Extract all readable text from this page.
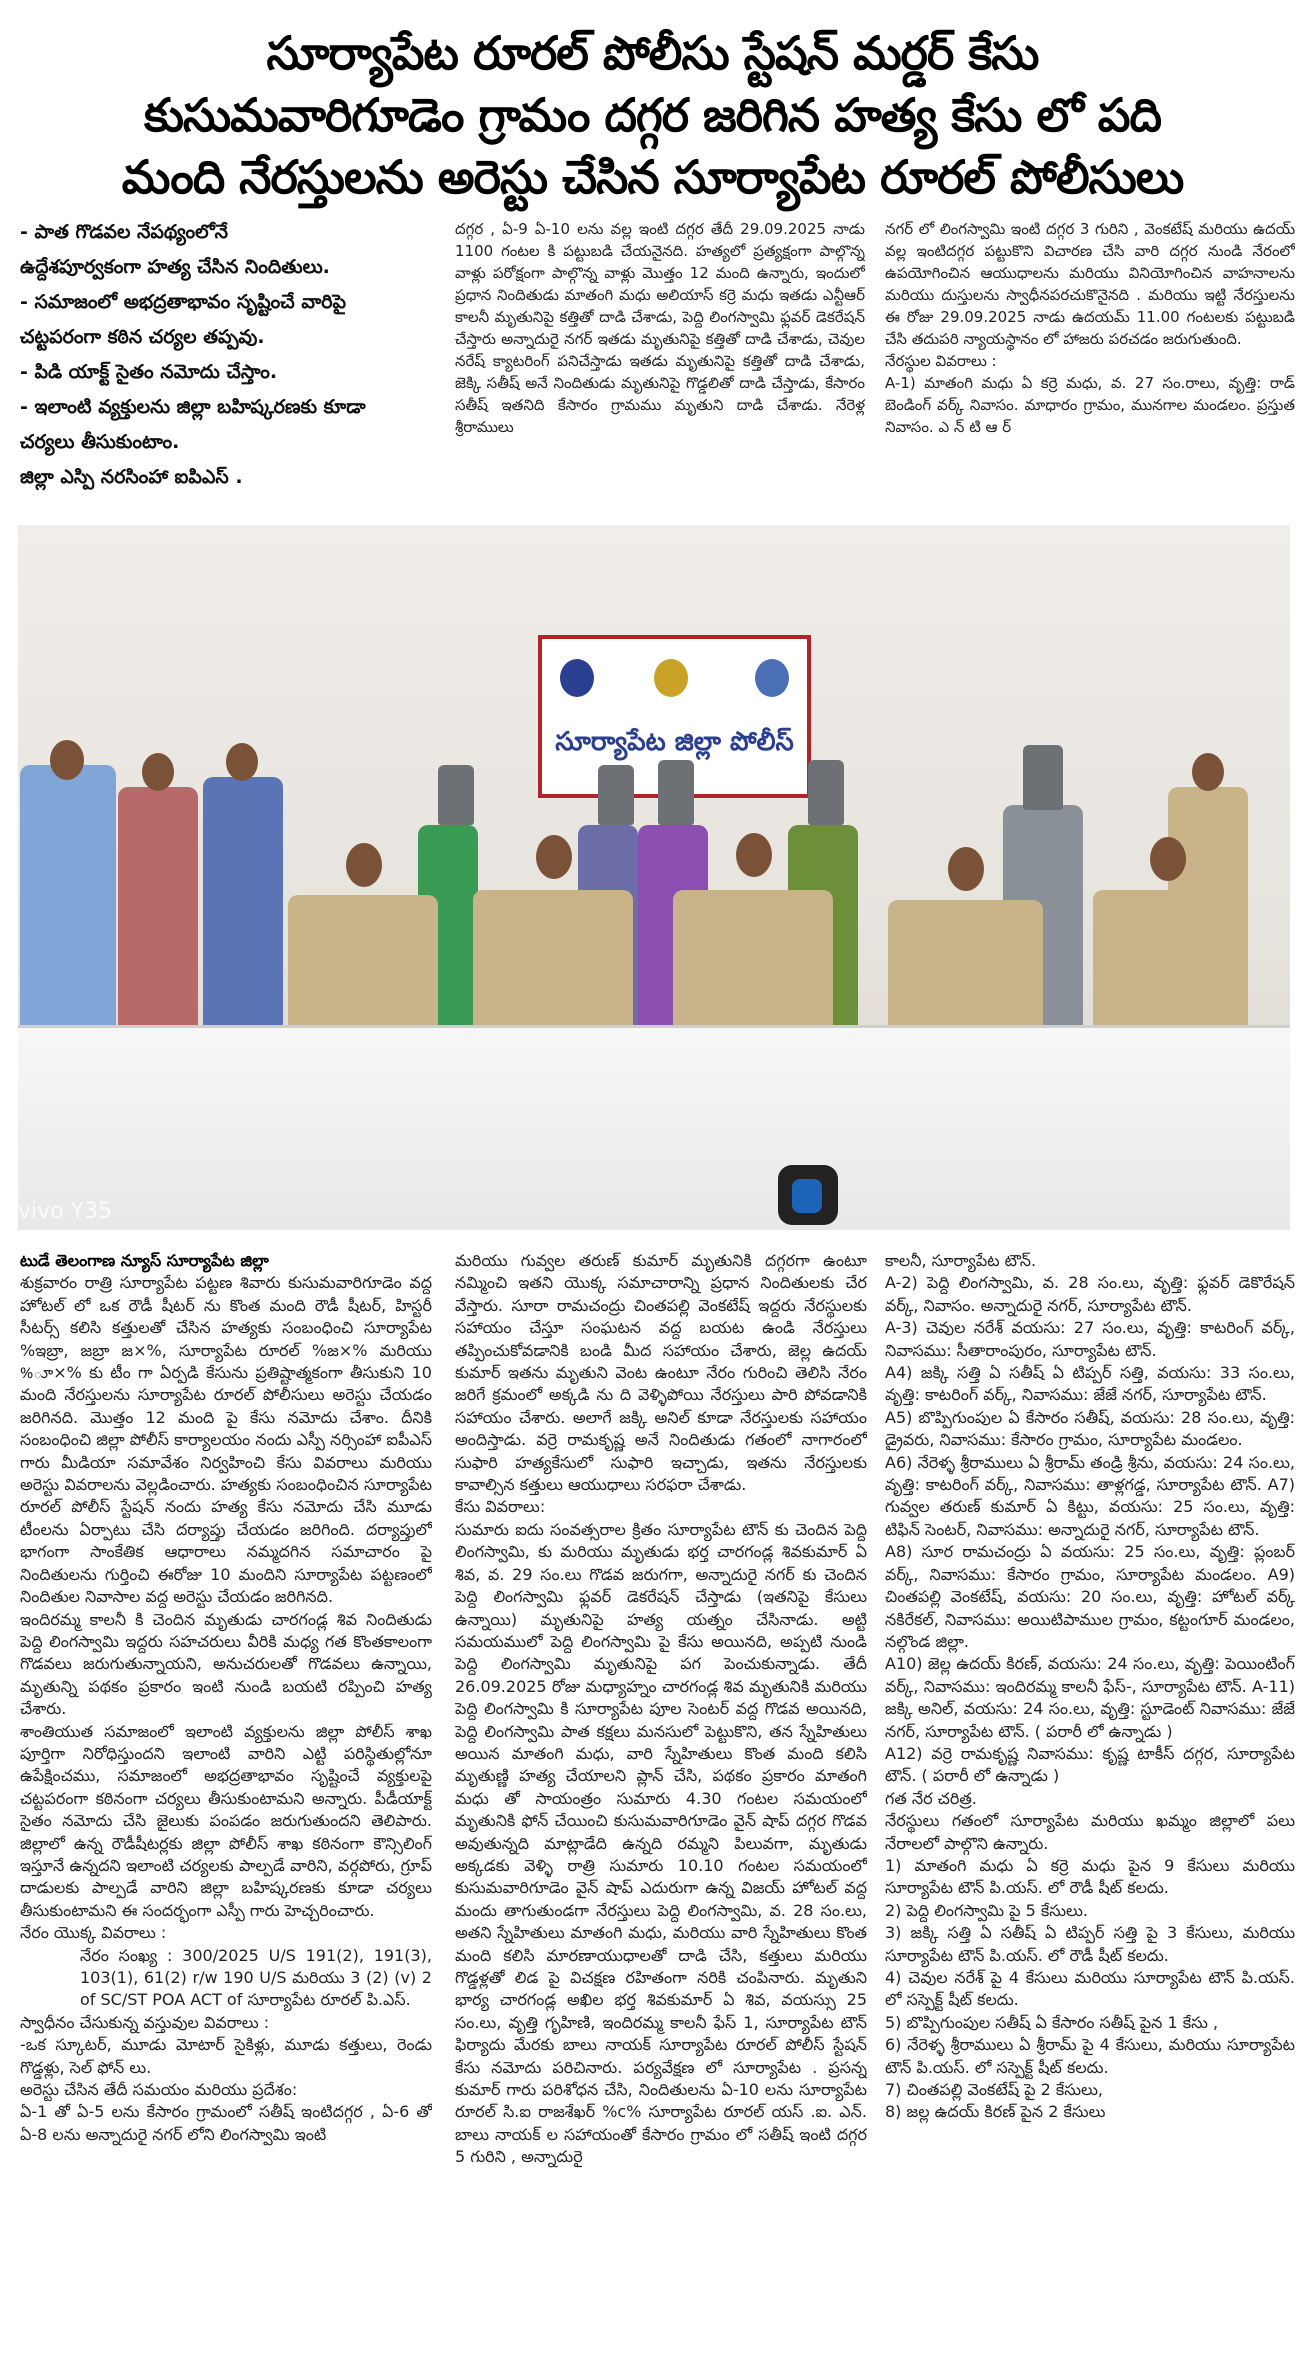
సూర్యాపేట రూరల్ పోలీసు స్టేషన్ మర్డర్ కేసు
కుసుమవారిగూడెం గ్రామం దగ్గర జరిగిన హత్య కేసు లో పది
మంది నేరస్తులను అరెస్టు చేసిన సూర్యాపేట రూరల్ పోలీసులు

- పాత గొడవల నేపథ్యంలోనే

ఉద్దేశపూర్వకంగా హత్య చేసిన నిందితులు.

- సమాజంలో అభద్రతాభావం సృష్టించే వారిపై

చట్టపరంగా కఠిన చర్యల తప్పవు.

- పిడి యాక్ట్ సైతం నమోదు చేస్తాం.

- ఇలాంటి వ్యక్తులను జిల్లా బహిష్కరణకు కూడా

చర్యలు తీసుకుంటాం.

జిల్లా ఎస్పి నరసింహా ఐపిఎస్ .

దగ్గర , ఏ-9 ఏ-10 లను వల్ల ఇంటి దగ్గర తేదీ 29.09.2025 నాడు 1100 గంటల కి పట్టుబడి చేయనైనది. హత్యలో ప్రత్యక్షంగా పాల్గొన్న వాళ్లు పరోక్షంగా పాల్గొన్న వాళ్లు మొత్తం 12 మంది ఉన్నారు, ఇందులో ప్రధాన నిందితుడు మాతంగి మధు అలియాస్ కర్రె మధు ఇతడు ఎన్టీఆర్ కాలనీ మృతునిపై కత్తితో దాడి చేశాడు, పెద్ది లింగస్వామి ఫ్లవర్ డెకరేషన్ చేస్తారు అన్నాదురై నగర్ ఇతడు మృతునిపై కత్తితో దాడి చేశాడు, చెవుల నరేష్ క్యాటరింగ్ పనిచేస్తాడు ఇతడు మృతునిపై కత్తితో దాడి చేశాడు, జెక్కి సతీష్ అనే నిందితుడు మృతునిపై గొడ్డలితో దాడి చేస్తాడు, కేసారం సతీష్ ఇతనిది కేసారం గ్రామము మృతుని దాడి చేశాడు. నేరెళ్ల శ్రీరాములు

నగర్ లో లింగస్వామి ఇంటి దగ్గర 3 గురిని , వెంకటేష్ మరియు ఉదయ్ వల్ల ఇంటిదగ్గర పట్టుకొని విచారణ చేసి వారి దగ్గర నుండి నేరంలో ఉపయోగించిన ఆయుధాలను మరియు వినియోగించిన వాహనాలను మరియు దుస్తులను స్వాధీనపరచుకొనైనది . మరియు ఇట్టి నేరస్తులను ఈ రోజు 29.09.2025 నాడు ఉదయమ్ 11.00 గంటలకు పట్టుబడి చేసి తదుపరి న్యాయస్థానం లో హాజరు పరచడం జరుగుతుంది.

నేరస్థుల వివరాలు :

A-1) మాతంగి మధు ఏ కర్రె మధు, వ. 27 సం.రాలు, వృత్తి: రాడ్ బెండింగ్ వర్క్ నివాసం. మాధారం గ్రామం, మునగాల మండలం. ప్రస్తుత నివాసం. ఎ న్ టి ఆ ర్

సూర్యాపేట జిల్లా పోలీస్
vivo Y35

టుడే తెలంగాణ న్యూస్ సూర్యాపేట జిల్లా

శుక్రవారం రాత్రి సూర్యాపేట పట్టణ శివారు కుసుమవారిగూడెం వద్ద హోటల్ లో ఒక రౌడీ షీటర్ ను కొంత మంది రౌడీ షీటర్, హిస్టరీ సీటర్స్ కలిసి కత్తులతో చేసిన హత్యకు సంబంధించి సూర్యాపేట %ఇబ్రా, జబ్రా జ×%, సూర్యాపేట రూరల్ %జ×% మరియు %ూ×% కు టీం గా ఏర్పడి కేసును ప్రతిష్టాత్మకంగా తీసుకుని 10 మంది నేరస్తులను సూర్యాపేట రూరల్ పోలీసులు అరెస్టు చేయడం జరిగినది. మొత్తం 12 మంది పై కేసు నమోదు చేశాం. దీనికి సంబంధించి జిల్లా పోలీస్ కార్యాలయం నందు ఎస్పీ నర్సింహా ఐపీఎస్ గారు మీడియా సమావేశం నిర్వహించి కేసు వివరాలు మరియు అరెస్టు వివరాలను వెల్లడించారు. హత్యకు సంబంధించిన సూర్యాపేట రూరల్ పోలీస్ స్టేషన్ నందు హత్య కేసు నమోదు చేసి మూడు టీంలను ఏర్పాటు చేసి దర్యాప్తు చేయడం జరిగింది. దర్యాప్తులో భాగంగా సాంకేతిక ఆధారాలు నమ్మదగిన సమాచారం పై నిందితులను గుర్తించి ఈరోజు 10 మందిని సూర్యాపేట పట్టణంలో నిందితుల నివాసాల వద్ద అరెస్టు చేయడం జరిగినది.

ఇందిరమ్మ కాలనీ కి చెందిన మృతుడు చారగండ్ల శివ నిందితుడు పెద్ది లింగస్వామి ఇద్దరు సహచరులు వీరికి మధ్య గత కొంతకాలంగా గొడవలు జరుగుతున్నాయని, అనుచరులతో గొడవలు ఉన్నాయి, మృతున్ని పథకం ప్రకారం ఇంటి నుండి బయటి రప్పించి హత్య చేశారు.

శాంతియుత సమాజంలో ఇలాంటి వ్యక్తులను జిల్లా పోలీస్ శాఖ పూర్తిగా నిరోధిస్తుందని ఇలాంటి వారిని ఎట్టి పరిస్థితుల్లోనూ ఉపేక్షించము, సమాజంలో అభద్రతాభావం సృష్టించే వ్యక్తులపై చట్టపరంగా కఠినంగా చర్యలు తీసుకుంటామని అన్నారు. పీడీయాక్ట్ సైతం నమోదు చేసి జైలుకు పంపడం జరుగుతుందని తెలిపారు. జిల్లాలో ఉన్న రౌడీషీటర్లకు జిల్లా పోలీస్ శాఖ కఠినంగా కౌన్సిలింగ్ ఇస్తూనే ఉన్నదని ఇలాంటి చర్యలకు పాల్పడే వారిని, వర్గపోరు, గ్రూప్ దాడులకు పాల్పడే వారిని జిల్లా బహిష్కరణకు కూడా చర్యలు తీసుకుంటామని ఈ సందర్భంగా ఎస్పీ గారు హెచ్చరించారు.

నేరం యొక్క వివరాలు :

నేరం సంఖ్య : 300/2025 U/S 191(2), 191(3), 103(1), 61(2) r/w 190 U/S మరియు 3 (2) (v) 2 of SC/ST POA ACT of సూర్యాపేట రూరల్ పి.ఎస్.

స్వాధీనం చేసుకున్న వస్తువుల వివరాలు :

-ఒక స్కూటర్, మూడు మోటార్ సైకిళ్లు, మూడు కత్తులు, రెండు గొడ్డళ్లు, సెల్ ఫోన్ లు.

అరెస్టు చేసిన తేదీ సమయం మరియు ప్రదేశం:

ఏ-1 తో ఏ-5 లను కేసారం గ్రామంలో సతీష్ ఇంటిదగ్గర , ఏ-6 తో ఏ-8 లను అన్నాదురై నగర్ లోని లింగస్వామి ఇంటి

మరియు గువ్వల తరుణ్ కుమార్ మృతునికి దగ్గరగా ఉంటూ నమ్మించి ఇతని యొక్క సమాచారాన్ని ప్రధాన నిందితులకు చేర వేస్తారు. సూరా రామచంద్రు చింతపల్లి వెంకటేష్ ఇద్దరు నేరస్థులకు సహాయం చేస్తూ సంఘటన వద్ద బయట ఉండి నేరస్తులు తప్పించుకోవడానికి బండి మీద సహాయం చేశారు, జెల్ల ఉదయ్ కుమార్ ఇతను మృతుని వెంట ఉంటూ నేరం గురించి తెలిసి నేరం జరిగే క్రమంలో అక్కడి ను ది వెళ్ళిపోయి నేరస్తులు పారి పోవడానికి సహాయం చేశారు. అలాగే జక్కి అనిల్ కూడా నేరస్తులకు సహాయం అందిస్తాడు. వర్రె రామకృష్ణ అనే నిందితుడు గతంలో నాగారంలో సుఫారి హత్యకేసులో సుఫారి ఇచ్చాడు, ఇతను నేరస్తులకు కావాల్సిన కత్తులు ఆయుధాలు సరఫరా చేశాడు.

కేసు వివరాలు:

సుమారు ఐదు సంవత్సరాల క్రితం సూర్యాపేట టౌన్ కు చెందిన పెద్ది లింగస్వామి, కు మరియు మృతుడు భర్త చారగండ్ల శివకుమార్ ఏ శివ, వ. 29 సం.లు గొడవ జరుగగా, అన్నాదురై నగర్ కు చెందిన పెద్ది లింగస్వామి ఫ్లవర్ డెకరేషన్ చేస్తాడు (ఇతనిపై కేసులు ఉన్నాయి) మృతునిపై హత్య యత్నం చేసినాడు. అట్టి సమయములో పెద్ది లింగస్వామి పై కేసు అయినది, అప్పటి నుండి పెద్ది లింగస్వామి మృతునిపై పగ పెంచుకున్నాడు. తేదీ 26.09.2025 రోజు మధ్యాహ్నం చారగండ్ల శివ మృతునికి మరియు పెద్ది లింగస్వామి కి సూర్యాపేట పూల సెంటర్ వద్ద గొడవ అయినది, పెద్ది లింగస్వామి పాత కక్షలు మనసులో పెట్టుకొని, తన స్నేహితులు అయిన మాతంగి మధు, వారి స్నేహితులు కొంత మంది కలిసి మృతుణ్ణి హత్య చేయాలని ప్లాన్ చేసి, పథకం ప్రకారం మాతంగి మధు తో సాయంత్రం సుమారు 4.30 గంటల సమయంలో మృతునికి ఫోన్ చేయించి కుసుమవారిగూడెం వైన్ షాప్ దగ్గర గొడవ అవుతున్నది మాట్లాడేది ఉన్నది రమ్మని పిలువగా, మృతుడు అక్కడకు వెళ్ళి రాత్రి సుమారు 10.10 గంటల సమయంలో కుసుమవారిగూడెం వైన్ షాప్ ఎదురుగా ఉన్న విజయ్ హోటల్ వద్ద మందు తాగుతుండగా నేరస్తులు పెద్ది లింగస్వామి, వ. 28 సం.లు, అతని స్నేహితులు మాతంగి మధు, మరియు వారి స్నేహితులు కొంత మంది కలిసి మారణాయుధాలతో దాడి చేసి, కత్తులు మరియు గొడ్డళ్లతో లిడ పై విచక్షణ రహితంగా నరికి చంపినారు. మృతుని భార్య చారగండ్ల అఖిల భర్త శివకుమార్ ఏ శివ, వయస్సు 25 సం.లు, వృత్తి గృహిణి, ఇందిరమ్మ కాలనీ ఫేస్ 1, సూర్యాపేట టౌన్ ఫిర్యాదు మేరకు బాలు నాయక్ సూర్యాపేట రూరల్ పోలీస్ స్టేషన్ కేసు నమోదు పరిచినారు. పర్యవేక్షణ లో సూర్యాపేట . ప్రసన్న కుమార్ గారు పరిశోధన చేసి, నిందితులను ఏ-10 లను సూర్యాపేట రూరల్ సి.ఐ రాజశేఖర్ %c% సూర్యాపేట రూరల్ యస్ .ఐ. ఎన్. బాలు నాయక్ ల సహాయంతో కేసారం గ్రామం లో సతీష్ ఇంటి దగ్గర 5 గురిని , అన్నాదురై

కాలనీ, సూర్యాపేట టౌన్.

A-2) పెద్ది లింగస్వామి, వ. 28 సం.లు, వృత్తి: ఫ్లవర్ డెకొరేషన్ వర్క్, నివాసం. అన్నాదురై నగర్, సూర్యాపేట టౌన్.

A-3) చెవుల నరేశ్ వయసు: 27 సం.లు, వృత్తి: కాటరింగ్ వర్క్, నివాసము: సీతారాంపురం, సూర్యాపేట టౌన్.

A4) జక్కి సత్తి ఏ సతీష్ ఏ టిప్పర్ సత్తి, వయసు: 33 సం.లు, వృత్తి: కాటరింగ్ వర్క్, నివాసము: జేజే నగర్, సూర్యాపేట టౌన్.

A5) బొప్పిగుంపుల ఏ కేసారం సతీష్, వయసు: 28 సం.లు, వృత్తి: డ్రైవరు, నివాసము: కేసారం గ్రామం, సూర్యాపేట మండలం.

A6) నేరెళ్ళ శ్రీరాములు ఏ శ్రీరామ్ తండ్రి శ్రీను, వయసు: 24 సం.లు, వృత్తి: కాటరింగ్ వర్క్, నివాసము: తాళ్లగడ్డ, సూర్యాపేట టౌన్. A7) గువ్వల తరుణ్ కుమార్ ఏ కిట్టు, వయసు: 25 సం.లు, వృత్తి: టిఫిన్ సెంటర్, నివాసము: అన్నాదురై నగర్, సూర్యాపేట టౌన్.

A8) సూర రామచంద్రు ఏ వయసు: 25 సం.లు, వృత్తి: ప్లంబర్ వర్క్, నివాసము: కేసారం గ్రామం, సూర్యాపేట మండలం. A9) చింతపల్లి వెంకటేష్, వయసు: 20 సం.లు, వృత్తి: హోటల్ వర్క్ నకిరేకల్, నివాసము: అయిటిపాముల గ్రామం, కట్టంగూర్ మండలం, నల్గొండ జిల్లా.

A10) జెల్ల ఉదయ్ కిరణ్, వయసు: 24 సం.లు, వృత్తి: పెయింటింగ్ వర్క్, నివాసము: ఇందిరమ్మ కాలనీ ఫేస్-, సూర్యాపేట టౌన్. A-11) జక్కి అనిల్, వయసు: 24 సం.లు, వృత్తి: స్టూడెంట్ నివాసము: జేజే నగర్, సూర్యాపేట టౌన్. ( పరారీ లో ఉన్నాడు )

A12) వర్రె రామకృష్ణ నివాసము: కృష్ణ టాకీస్ దగ్గర, సూర్యాపేట టౌన్. ( పరారీ లో ఉన్నాడు )

గత నేర చరిత్ర.

నేరస్థులు గతంలో సూర్యాపేట మరియు ఖమ్మం జిల్లాలో పలు నేరాలలో పాల్గొని ఉన్నారు.

1) మాతంగి మధు ఏ కర్రె మధు పైన 9 కేసులు మరియు సూర్యాపేట టౌన్ పి.యస్. లో రౌడీ షీట్ కలదు.

2) పెద్ది లింగస్వామి పై 5 కేసులు.

3) జక్కి సత్తి ఏ సతీష్ ఏ టిప్పర్ సత్తి పై 3 కేసులు, మరియు సూర్యాపేట టౌన్ పి.యస్. లో రౌడీ షీట్ కలదు.

4) చెవుల నరేశ్ పై 4 కేసులు మరియు సూర్యాపేట టౌన్ పి.యస్. లో సస్పెక్ట్ షీట్ కలదు.

5) బొప్పిగుంపుల సతీష్ ఏ కేసారం సతీష్ పైన 1 కేసు ,

6) నేరెళ్ళ శ్రీరాములు ఏ శ్రీరామ్ పై 4 కేసులు, మరియు సూర్యాపేట టౌన్ పి.యస్. లో సస్పెక్ట్ షీట్ కలదు.

7) చింతపల్లి వెంకటేష్ పై 2 కేసులు,

8) జల్ల ఉదయ్ కిరణ్ పైన 2 కేసులు
